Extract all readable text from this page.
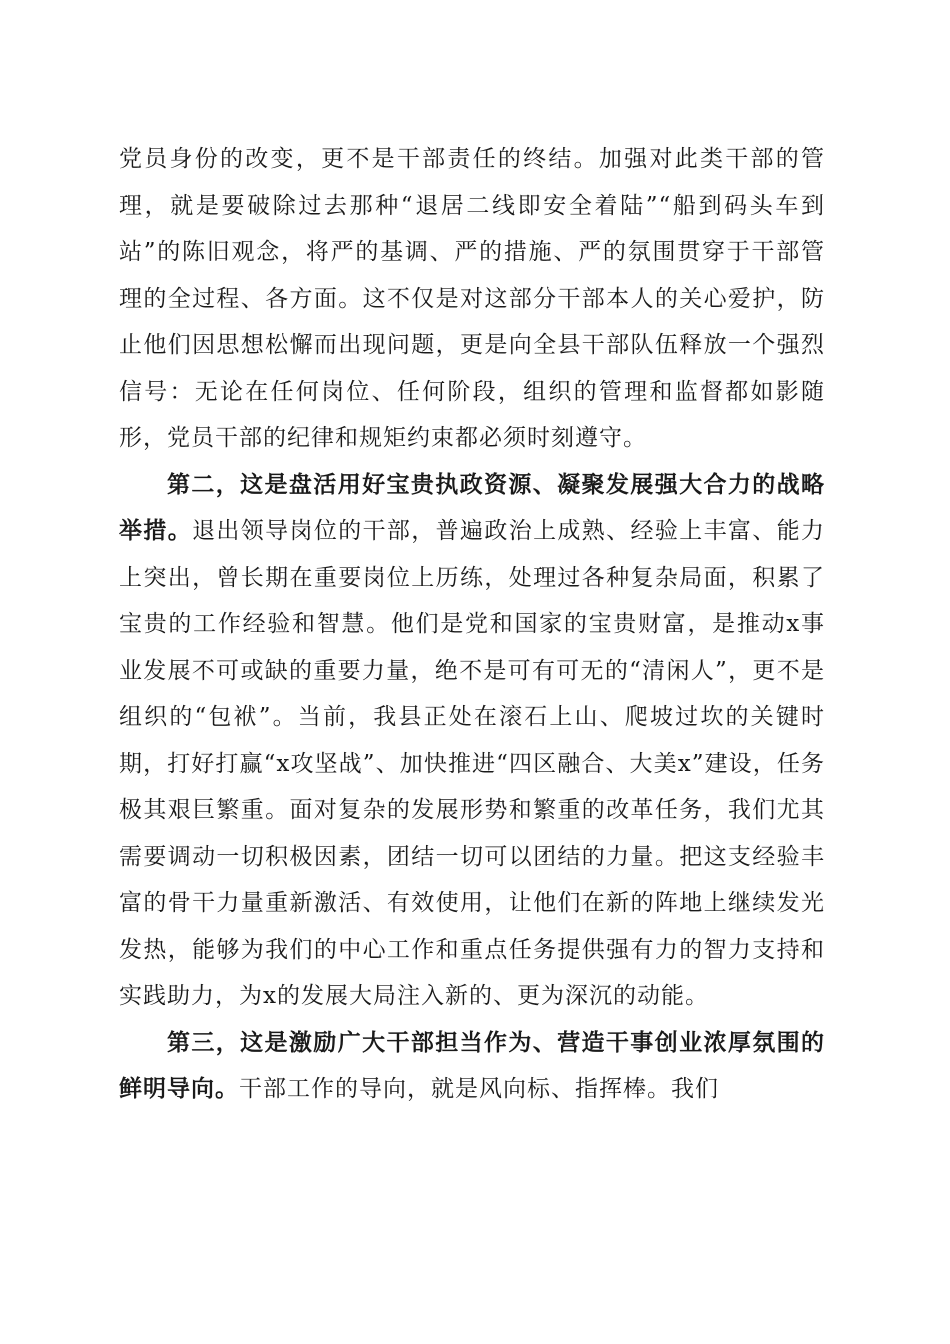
党员身份的改变，更不是干部责任的终结。加强对此类干部的管理，就是要破除过去那种“退居二线即安全着陆”“船到码头车到站”的陈旧观念，将严的基调、严的措施、严的氛围贯穿于干部管理的全过程、各方面。这不仅是对这部分干部本人的关心爱护，防止他们因思想松懈而出现问题，更是向全县干部队伍释放一个强烈信号：无论在任何岗位、任何阶段，组织的管理和监督都如影随形，党员干部的纪律和规矩约束都必须时刻遵守。

第二，这是盘活用好宝贵执政资源、凝聚发展强大合力的战略举措。退出领导岗位的干部，普遍政治上成熟、经验上丰富、能力上突出，曾长期在重要岗位上历练，处理过各种复杂局面，积累了宝贵的工作经验和智慧。他们是党和国家的宝贵财富，是推动x事业发展不可或缺的重要力量，绝不是可有可无的“清闲人”，更不是组织的“包袱”。当前，我县正处在滚石上山、爬坡过坎的关键时期，打好打赢“x攻坚战”、加快推进“四区融合、大美x”建设，任务极其艰巨繁重。面对复杂的发展形势和繁重的改革任务，我们尤其需要调动一切积极因素，团结一切可以团结的力量。把这支经验丰富的骨干力量重新激活、有效使用，让他们在新的阵地上继续发光发热，能够为我们的中心工作和重点任务提供强有力的智力支持和实践助力，为x的发展大局注入新的、更为深沉的动能。

第三，这是激励广大干部担当作为、营造干事创业浓厚氛围的鲜明导向。干部工作的导向，就是风向标、指挥棒。我们
